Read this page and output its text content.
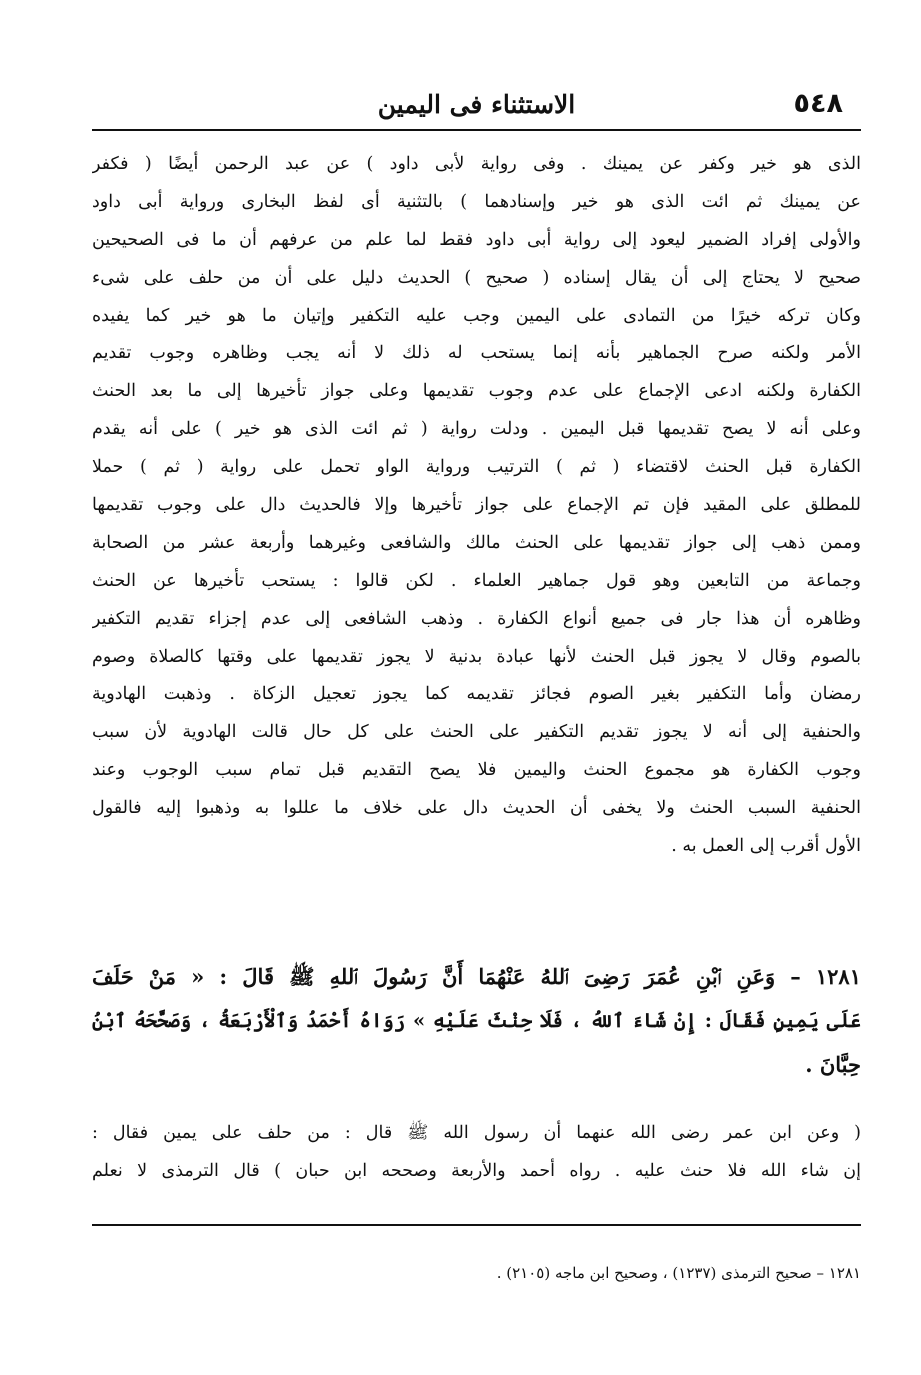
٥٤٨
الاستثناء فى اليمين

الذى هو خير وكفر عن يمينك . وفى رواية لأبى داود ) عن عبد الرحمن أيضًا ( فكفر

عن يمينك ثم ائت الذى هو خير وإسنادهما ) بالتثنية أى لفظ البخارى ورواية أبى داود

والأولى إفراد الضمير ليعود إلى رواية أبى داود فقط لما علم من عرفهم أن ما فى الصحيحين

صحيح لا يحتاج إلى أن يقال إسناده ( صحيح ) الحديث دليل على أن من حلف على شىء

وكان تركه خيرًا من التمادى على اليمين وجب عليه التكفير وإتيان ما هو خير كما يفيده

الأمر ولكنه صرح الجماهير بأنه إنما يستحب له ذلك لا أنه يجب وظاهره وجوب تقديم

الكفارة ولكنه ادعى الإجماع على عدم وجوب تقديمها وعلى جواز تأخيرها إلى ما بعد الحنث

وعلى أنه لا يصح تقديمها قبل اليمين . ودلت رواية ( ثم ائت الذى هو خير ) على أنه يقدم

الكفارة قبل الحنث لاقتضاء ( ثم ) الترتيب ورواية الواو تحمل على رواية ( ثم ) حملا

للمطلق على المقيد فإن تم الإجماع على جواز تأخيرها وإلا فالحديث دال على وجوب تقديمها

وممن ذهب إلى جواز تقديمها على الحنث مالك والشافعى وغيرهما وأربعة عشر من الصحابة

وجماعة من التابعين وهو قول جماهير العلماء . لكن قالوا : يستحب تأخيرها عن الحنث

وظاهره أن هذا جار فى جميع أنواع الكفارة . وذهب الشافعى إلى عدم إجزاء تقديم التكفير

بالصوم وقال لا يجوز قبل الحنث لأنها عبادة بدنية لا يجوز تقديمها على وقتها كالصلاة وصوم

رمضان وأما التكفير بغير الصوم فجائز تقديمه كما يجوز تعجيل الزكاة . وذهبت الهادوية

والحنفية إلى أنه لا يجوز تقديم التكفير على الحنث على كل حال قالت الهادوية لأن سبب

وجوب الكفارة هو مجموع الحنث واليمين فلا يصح التقديم قبل تمام سبب الوجوب وعند

الحنفية السبب الحنث ولا يخفى أن الحديث دال على خلاف ما عللوا به وذهبوا إليه فالقول

الأول أقرب إلى العمل به .

١٢٨١ – وَعَنِ ٱبْنِ عُمَرَ رَضِىَ ٱللهُ عَنْهُمَا أَنَّ رَسُولَ ٱللهِ ﷺ قَالَ : « مَنْ حَلَفَ

عَلَى يَمِينٍ فَقَالَ : إِنْ شَاءَ ٱللهُ ، فَلَا حِنْثَ عَلَيْهِ » رَوَاهُ أَحْمَدُ وَٱلْأَرْبَعَةُ ، وَصَحَّحَهُ ٱبْنُ

حِبَّانَ .

( وعن ابن عمر رضى الله عنهما أن رسول الله ﷺ قال : من حلف على يمين فقال :

إن شاء الله فلا حنث عليه . رواه أحمد والأربعة وصححه ابن حبان ) قال الترمذى لا نعلم

١٢٨١ – صحيح الترمذى (١٢٣٧) ، وصحيح ابن ماجه (٢١٠٥) .
